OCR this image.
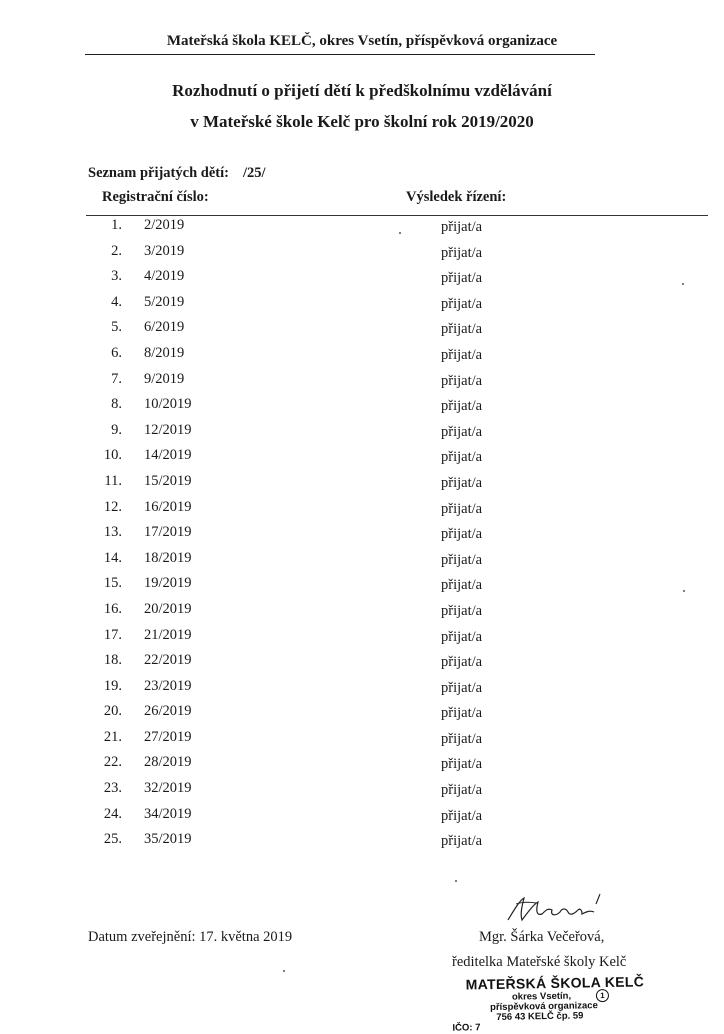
Mateřská škola KELČ, okres Vsetín, příspěvková organizace
Rozhodnutí o přijetí dětí k předškolnímu vzdělávání
v Mateřské škole Kelč pro školní rok 2019/2020
Seznam přijatých dětí: /25/
Registrační číslo:	Výsledek řízení:
1. 2/2019	přijat/a
2. 3/2019	přijat/a
3. 4/2019	přijat/a
4. 5/2019	přijat/a
5. 6/2019	přijat/a
6. 8/2019	přijat/a
7. 9/2019	přijat/a
8. 10/2019	přijat/a
9. 12/2019	přijat/a
10. 14/2019	přijat/a
11. 15/2019	přijat/a
12. 16/2019	přijat/a
13. 17/2019	přijat/a
14. 18/2019	přijat/a
15. 19/2019	přijat/a
16. 20/2019	přijat/a
17. 21/2019	přijat/a
18. 22/2019	přijat/a
19. 23/2019	přijat/a
20. 26/2019	přijat/a
21. 27/2019	přijat/a
22. 28/2019	přijat/a
23. 32/2019	přijat/a
24. 34/2019	přijat/a
25. 35/2019	přijat/a
Datum zveřejnění: 17. května 2019	Mgr. Šárka Večeřová,
ředitelka Mateřské školy Kelč
MATEŘSKÁ ŠKOLA KELČ
okres Vsetín,	1
příspěvková organizace
756 43 KELČ čp. 59
IČO: 7
